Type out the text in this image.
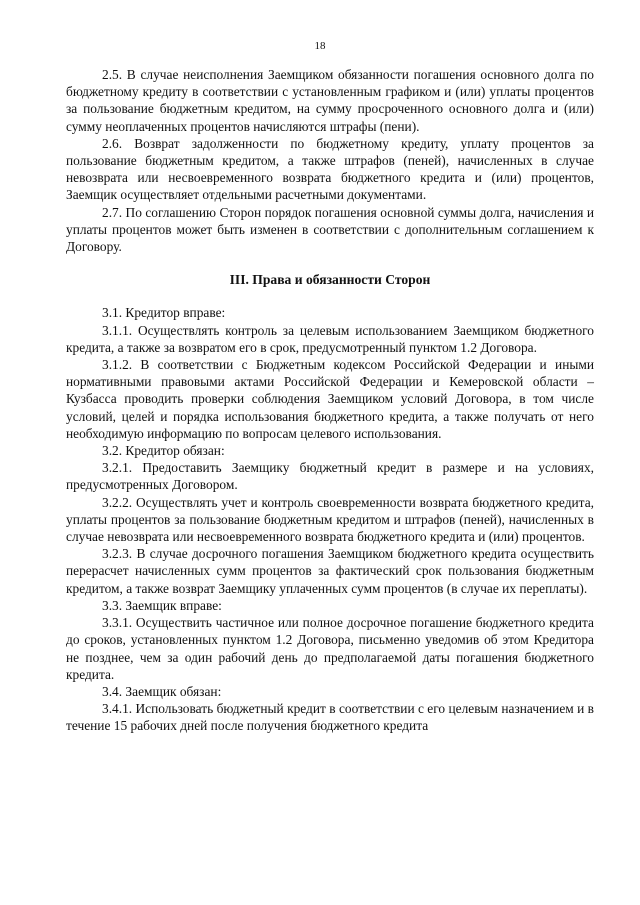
18

2.5. В случае неисполнения Заемщиком обязанности погашения основного долга по бюджетному кредиту в соответствии с установленным графиком и (или) уплаты процентов за пользование бюджетным кредитом, на сумму просроченного основного долга и (или) сумму неоплаченных процентов начисляются штрафы (пени).

2.6. Возврат задолженности по бюджетному кредиту, уплату процентов за пользование бюджетным кредитом, а также штрафов (пеней), начисленных в случае невозврата или несвоевременного возврата бюджетного кредита и (или) процентов, Заемщик осуществляет отдельными расчетными документами.

2.7. По соглашению Сторон порядок погашения основной суммы долга, начисления и уплаты процентов может быть изменен в соответствии с дополнительным соглашением к Договору.

III. Права и обязанности Сторон

3.1. Кредитор вправе:

3.1.1. Осуществлять контроль за целевым использованием Заемщиком бюджетного кредита, а также за возвратом его в срок, предусмотренный пунктом 1.2 Договора.

3.1.2. В соответствии с Бюджетным кодексом Российской Федерации и иными нормативными правовыми актами Российской Федерации и Кемеровской области – Кузбасса проводить проверки соблюдения Заемщиком условий Договора, в том числе условий, целей и порядка использования бюджетного кредита, а также получать от него необходимую информацию по вопросам целевого использования.

3.2. Кредитор обязан:

3.2.1. Предоставить Заемщику бюджетный кредит в размере и на условиях, предусмотренных Договором.

3.2.2. Осуществлять учет и контроль своевременности возврата бюджетного кредита, уплаты процентов за пользование бюджетным кредитом и штрафов (пеней), начисленных в случае невозврата или несвоевременного возврата бюджетного кредита и (или) процентов.

3.2.3. В случае досрочного погашения Заемщиком бюджетного кредита осуществить перерасчет начисленных сумм процентов за фактический срок пользования бюджетным кредитом, а также возврат Заемщику уплаченных сумм процентов (в случае их переплаты).

3.3. Заемщик вправе:

3.3.1. Осуществить частичное или полное досрочное погашение бюджетного кредита до сроков, установленных пунктом 1.2 Договора, письменно уведомив об этом Кредитора не позднее, чем за один рабочий день до предполагаемой даты погашения бюджетного кредита.

3.4. Заемщик обязан:

3.4.1. Использовать бюджетный кредит в соответствии с его целевым назначением и в течение 15 рабочих дней после получения бюджетного кредита
